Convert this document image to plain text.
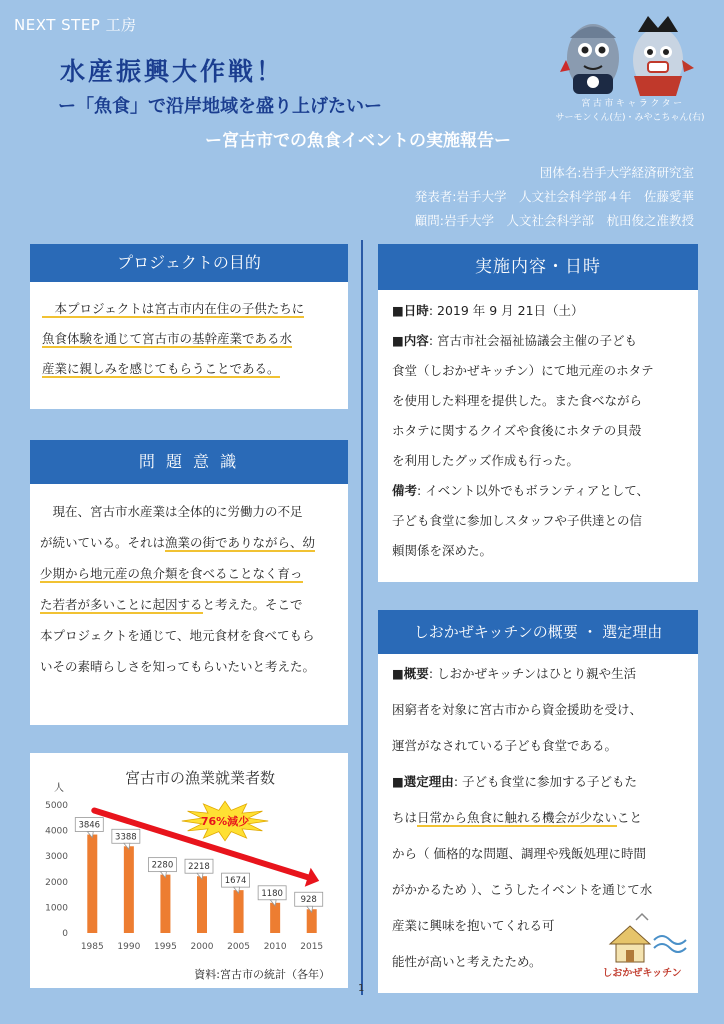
NEXT STEP 工房
水産振興大作戦！
ー「魚食」で沿岸地域を盛り上げたいー
ー宮古市での魚食イベントの実施報告ー
団体名:岩手大学経済研究室
発表者:岩手大学　人文社会科学部４年　佐藤愛華
顧問:岩手大学　人文社会科学部　杭田俊之准教授
宮古市キャラクター
サーモンくん(左)・みやこちゃん(右)
プロジェクトの目的
　本プロジェクトは宮古市内在住の子供たちに
魚食体験を通じて宮古市の基幹産業である水
産業に親しみを感じてもらうことである。
問 題 意 識
　現在、宮古市水産業は全体的に労働力の不足
が続いている。それは漁業の街でありながら、幼
少期から地元産の魚介類を食べることなく育っ
た若者が多いことに起因すると考えた。そこで
本プロジェクトを通じて、地元食材を食べてもら
いその素晴らしさを知ってもらいたいと考えた。
宮古市の漁業就業者数
人
0
1000
2000
3000
4000
5000
3846
1985
3388
1990
2280
1995
2218
2000
1674
2005
1180
2010
928
2015
76%減少
資料:宮古市の統計（各年）
実施内容・日時
■日時: 2019 年 9 月 21日（土）
■内容: 宮古市社会福祉協議会主催の子ども
食堂（しおかぜキッチン）にて地元産のホタテ
を使用した料理を提供した。また食べながら
ホタテに関するクイズや食後にホタテの貝殻
を利用したグッズ作成も行った。
備考: イベント以外でもボランティアとして、
子ども食堂に参加しスタッフや子供達との信
頼関係を深めた。
しおかぜキッチンの概要 ・ 選定理由
■概要: しおかぜキッチンはひとり親や生活
困窮者を対象に宮古市から資金援助を受け、
運営がなされている子ども食堂である。
■選定理由: 子ども食堂に参加する子どもた
ちは日常から魚食に触れる機会が少ないこと
から（ 価格的な問題、調理や残飯処理に時間
がかかるため ）、こうしたイベントを通じて水
産業に興味を抱いてくれる可
能性が高いと考えたため。
しおかぜキッチン
1
